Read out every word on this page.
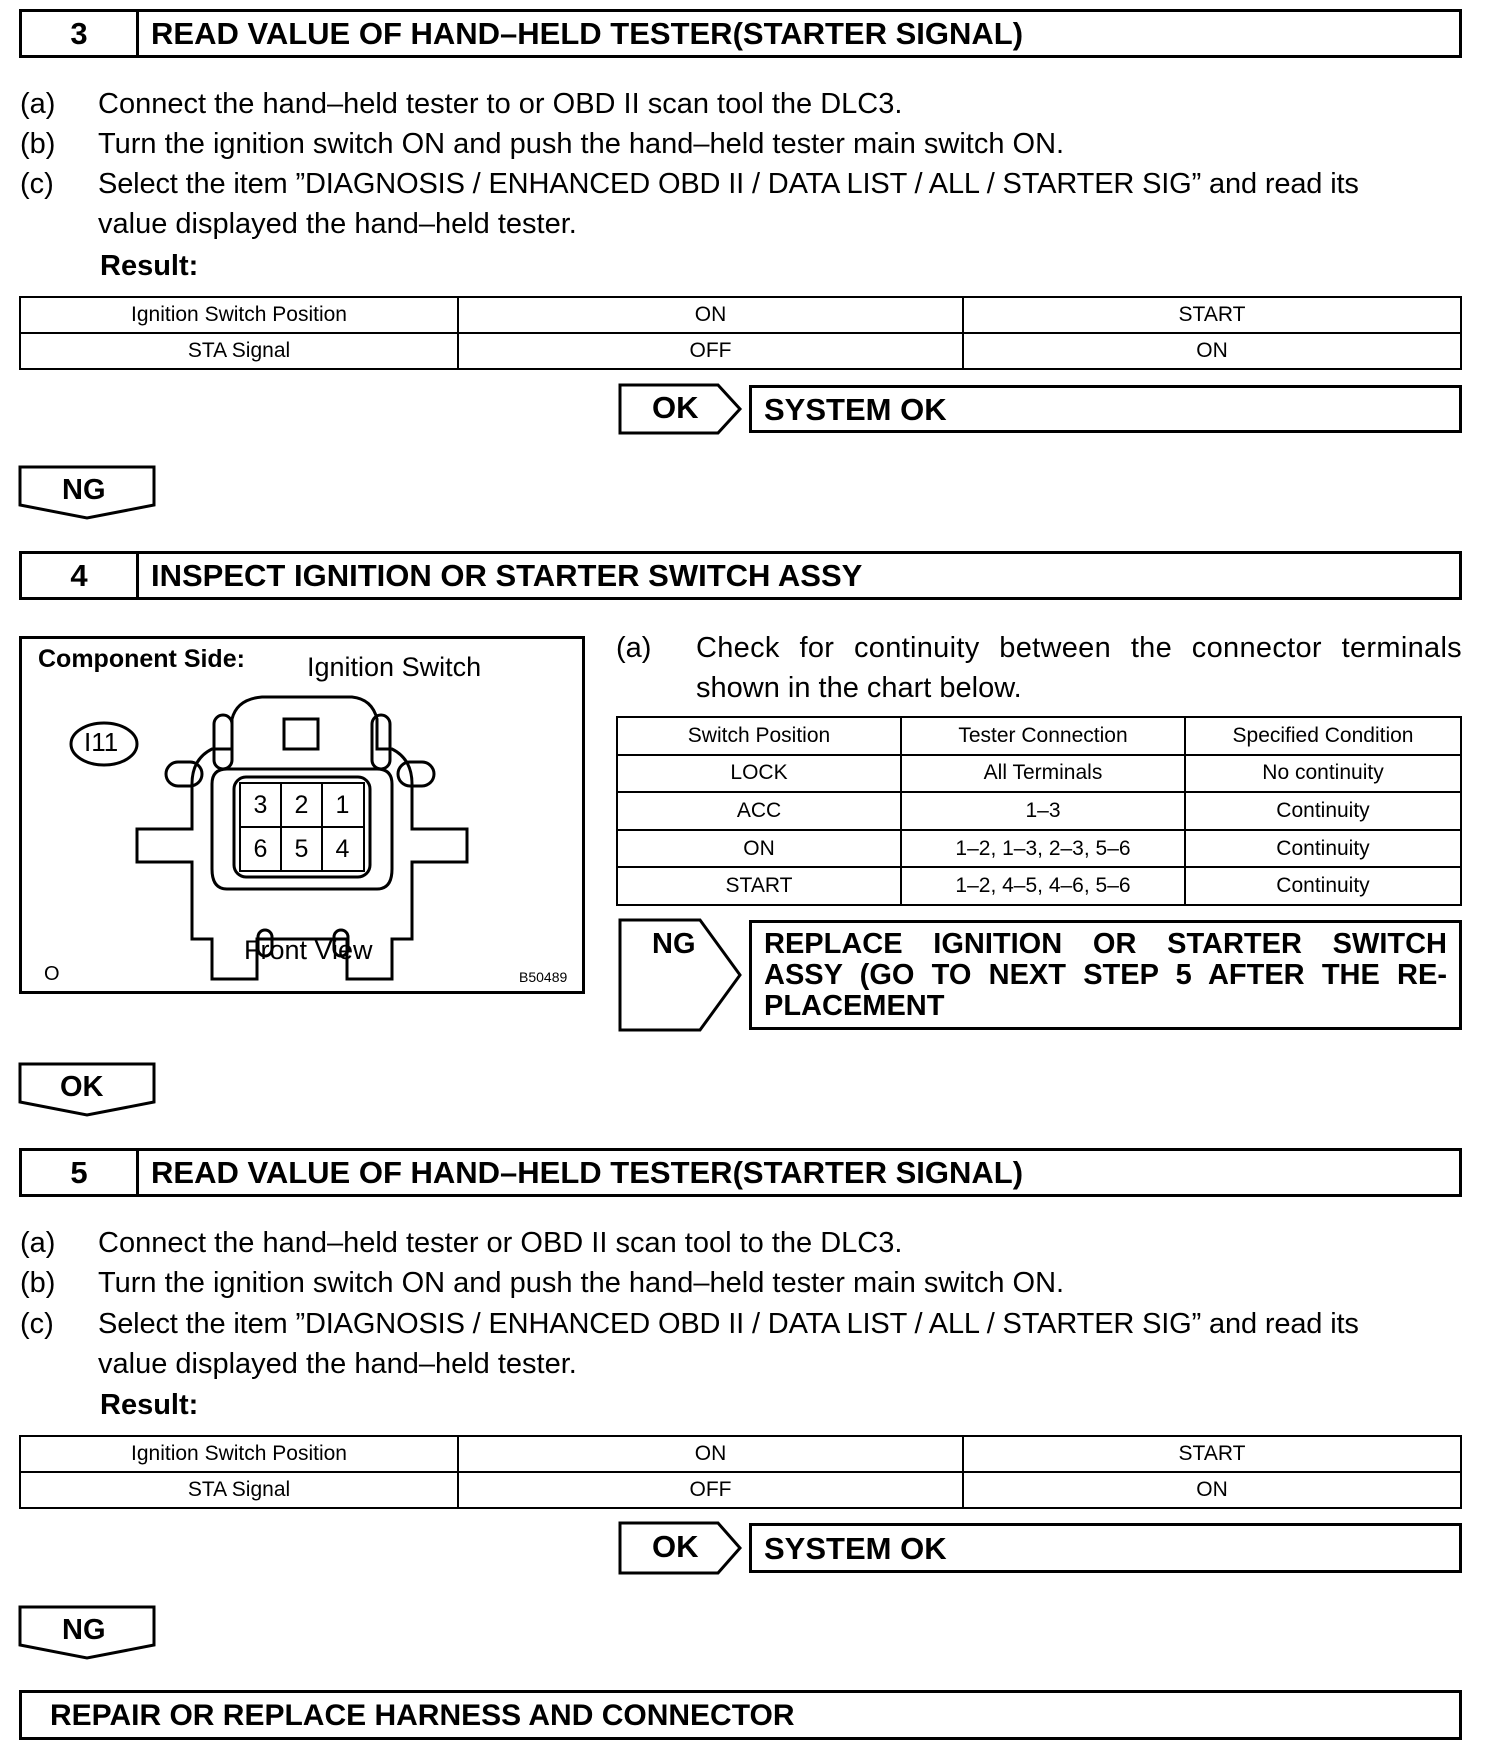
3	READ VALUE OF HAND–HELD TESTER(STARTER SIGNAL)
(a) Connect the hand–held tester to or OBD II scan tool the DLC3.
(b) Turn the ignition switch ON and push the hand–held tester main switch ON.
(c) Select the item ”DIAGNOSIS / ENHANCED OBD II / DATA LIST / ALL / STARTER SIG” and read its
value displayed the hand–held tester.
Result:
Ignition Switch Position	ON	START
STA Signal	OFF	ON
OK	SYSTEM OK
NG
4	INSPECT IGNITION OR STARTER SWITCH ASSY
Component Side: Ignition Switch
I11
3	2	1
6	5	4
Front View
O	B50489
(a) Check for continuity between the connector terminals
shown in the chart below.
Switch Position	Tester Connection	Specified Condition
LOCK	All Terminals	No continuity
ACC	1–3	Continuity
ON	1–2, 1–3, 2–3, 5–6	Continuity
START	1–2, 4–5, 4–6, 5–6	Continuity
NG REPLACE IGNITION OR STARTER SWITCH
ASSY (GO TO NEXT STEP 5 AFTER THE RE-
PLACEMENT
OK
5	READ VALUE OF HAND–HELD TESTER(STARTER SIGNAL)
(a) Connect the hand–held tester or OBD II scan tool to the DLC3.
(b) Turn the ignition switch ON and push the hand–held tester main switch ON.
(c) Select the item ”DIAGNOSIS / ENHANCED OBD II / DATA LIST / ALL / STARTER SIG” and read its
value displayed the hand–held tester.
Result:
Ignition Switch Position	ON	START
STA Signal	OFF	ON
OK	SYSTEM OK
NG
REPAIR OR REPLACE HARNESS AND CONNECTOR
